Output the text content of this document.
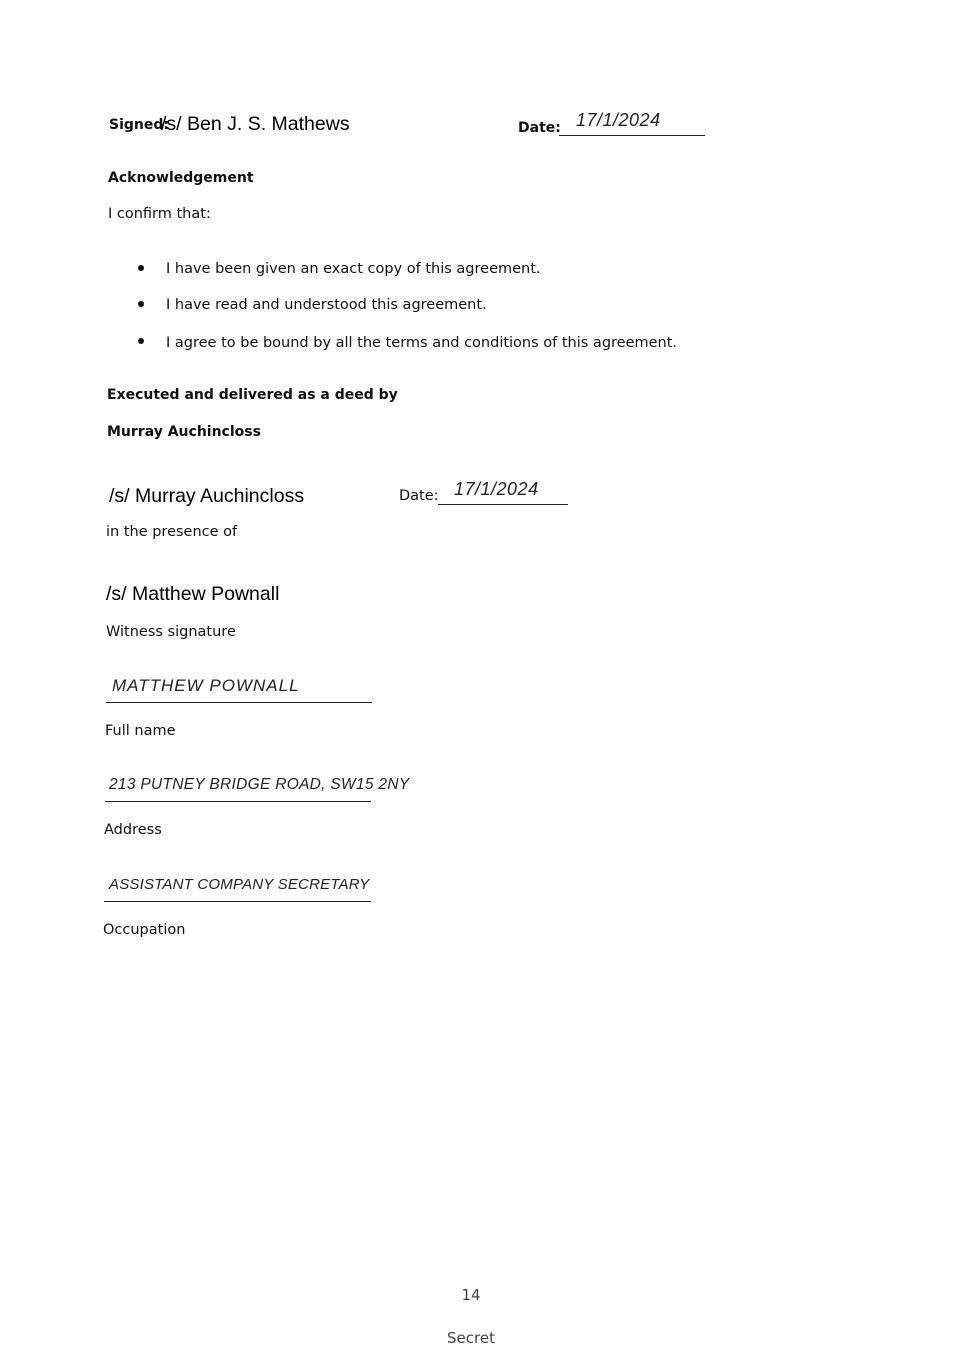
Signed:
/s/ Ben J. S. Mathews	Date: 17/1/2024
Acknowledgement
I confirm that:
I have been given an exact copy of this agreement.
I have read and understood this agreement.
I agree to be bound by all the terms and conditions of this agreement.
Executed and delivered as a deed by
Murray Auchincloss
/s/ Murray Auchincloss	Date: 17/1/2024
in the presence of
/s/ Matthew Pownall
Witness signature
MATTHEW POWNALL
Full name
213 PUTNEY BRIDGE ROAD, SW15 2NY
Address
ASSISTANT COMPANY SECRETARY
Occupation
14
Secret
